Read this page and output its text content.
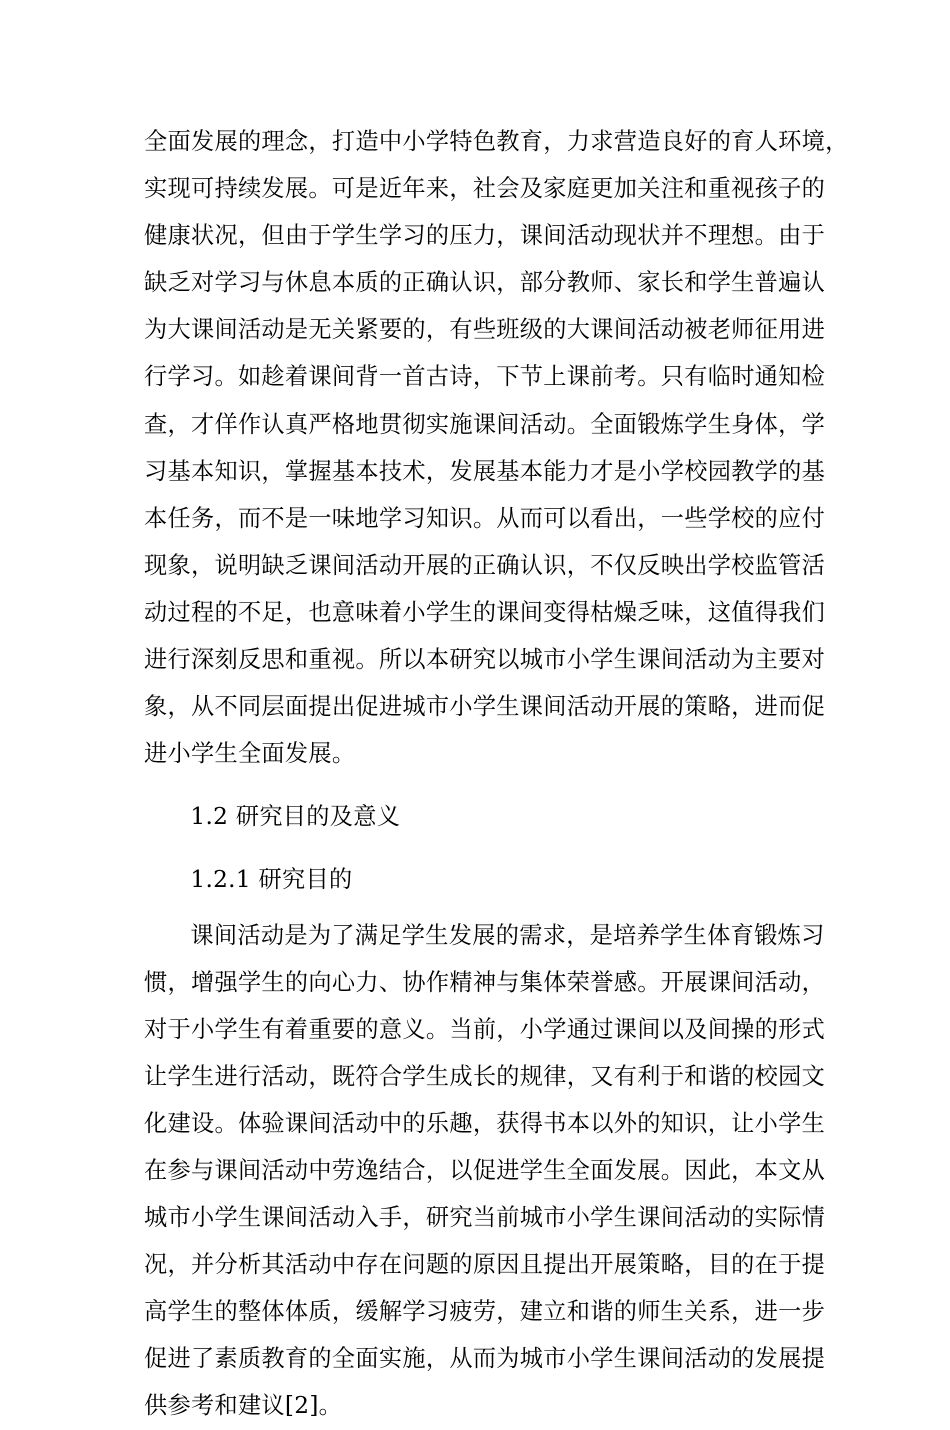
全面发展的理念，打造中小学特色教育，力求营造良好的育人环境，
实现可持续发展。可是近年来，社会及家庭更加关注和重视孩子的
健康状况，但由于学生学习的压力，课间活动现状并不理想。由于
缺乏对学习与休息本质的正确认识，部分教师、家长和学生普遍认
为大课间活动是无关紧要的，有些班级的大课间活动被老师征用进
行学习。如趁着课间背一首古诗，下节上课前考。只有临时通知检
查，才佯作认真严格地贯彻实施课间活动。全面锻炼学生身体，学
习基本知识，掌握基本技术，发展基本能力才是小学校园教学的基
本任务，而不是一味地学习知识。从而可以看出，一些学校的应付
现象，说明缺乏课间活动开展的正确认识，不仅反映出学校监管活
动过程的不足，也意味着小学生的课间变得枯燥乏味，这值得我们
进行深刻反思和重视。所以本研究以城市小学生课间活动为主要对
象，从不同层面提出促进城市小学生课间活动开展的策略，进而促
进小学生全面发展。

1.2 研究目的及意义

1.2.1 研究目的

课间活动是为了满足学生发展的需求，是培养学生体育锻炼习
惯，增强学生的向心力、协作精神与集体荣誉感。开展课间活动，
对于小学生有着重要的意义。当前，小学通过课间以及间操的形式
让学生进行活动，既符合学生成长的规律，又有利于和谐的校园文
化建设。体验课间活动中的乐趣，获得书本以外的知识，让小学生
在参与课间活动中劳逸结合，以促进学生全面发展。因此，本文从
城市小学生课间活动入手，研究当前城市小学生课间活动的实际情
况，并分析其活动中存在问题的原因且提出开展策略，目的在于提
高学生的整体体质，缓解学习疲劳，建立和谐的师生关系，进一步
促进了素质教育的全面实施，从而为城市小学生课间活动的发展提
供参考和建议[2]。
